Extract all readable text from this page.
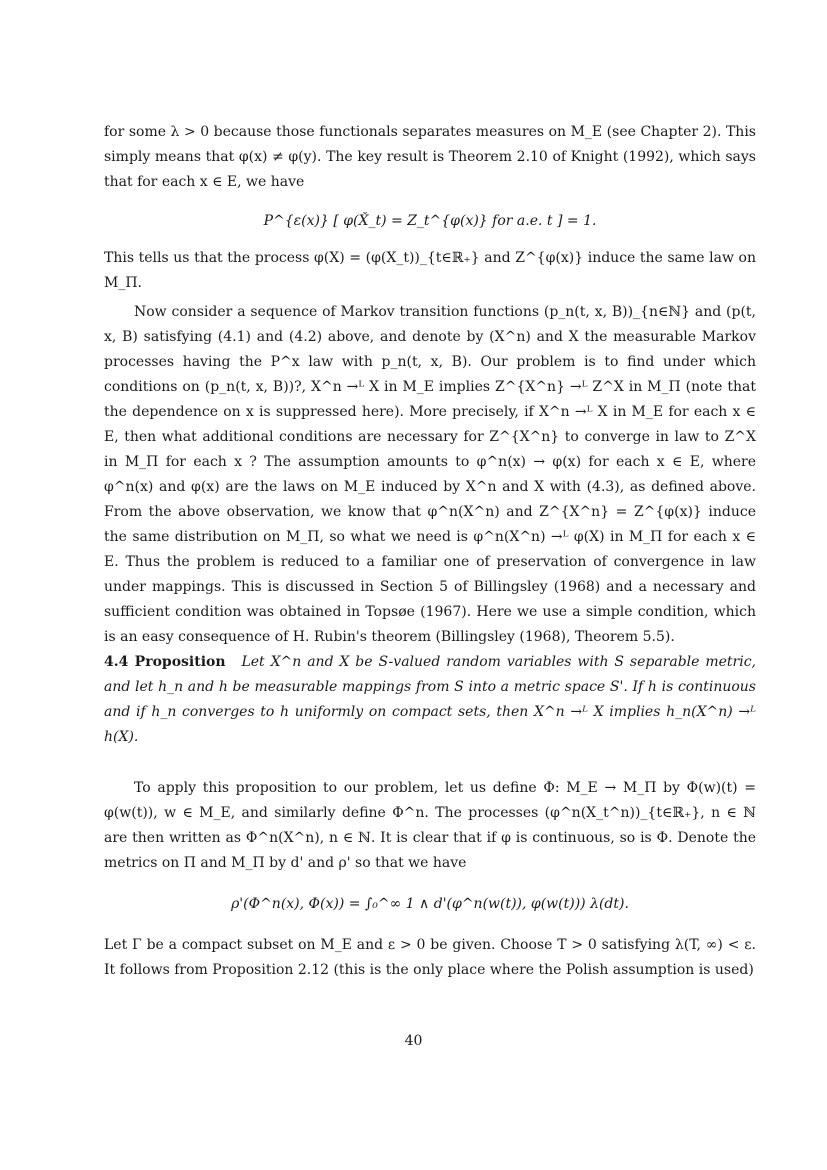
for some λ > 0 because those functionals separates measures on M_E (see Chapter 2). This simply means that φ(x) ≠ φ(y). The key result is Theorem 2.10 of Knight (1992), which says that for each x ∈ E, we have

P^{ε(x)} [ φ(X̌_t) = Z_t^{φ(x)} for a.e. t ] = 1.

This tells us that the process φ(X) = (φ(X_t))_{t∈ℝ₊} and Z^{φ(x)} induce the same law on M_Π.

Now consider a sequence of Markov transition functions (p_n(t, x, B))_{n∈ℕ} and (p(t, x, B) satisfying (4.1) and (4.2) above, and denote by (X^n) and X the measurable Markov processes having the P^x law with p_n(t, x, B). Our problem is to find under which conditions on (p_n(t, x, B))?, X^n →ᴸ X in M_E implies Z^{X^n} →ᴸ Z^X in M_Π (note that the dependence on x is suppressed here). More precisely, if X^n →ᴸ X in M_E for each x ∈ E, then what additional conditions are necessary for Z^{X^n} to converge in law to Z^X in M_Π for each x ? The assumption amounts to φ^n(x) → φ(x) for each x ∈ E, where φ^n(x) and φ(x) are the laws on M_E induced by X^n and X with (4.3), as defined above. From the above observation, we know that φ^n(X^n) and Z^{X^n} = Z^{φ(x)} induce the same distribution on M_Π, so what we need is φ^n(X^n) →ᴸ φ(X) in M_Π for each x ∈ E. Thus the problem is reduced to a familiar one of preservation of convergence in law under mappings. This is discussed in Section 5 of Billingsley (1968) and a necessary and sufficient condition was obtained in Topsøe (1967). Here we use a simple condition, which is an easy consequence of H. Rubin's theorem (Billingsley (1968), Theorem 5.5).

4.4 Proposition Let X^n and X be S-valued random variables with S separable metric, and let h_n and h be measurable mappings from S into a metric space S'. If h is continuous and if h_n converges to h uniformly on compact sets, then X^n →ᴸ X implies h_n(X^n) →ᴸ h(X).

To apply this proposition to our problem, let us define Φ: M_E → M_Π by Φ(w)(t) = φ(w(t)), w ∈ M_E, and similarly define Φ^n. The processes (φ^n(X_t^n))_{t∈ℝ₊}, n ∈ ℕ are then written as Φ^n(X^n), n ∈ ℕ. It is clear that if φ is continuous, so is Φ. Denote the metrics on Π and M_Π by d' and ρ' so that we have

ρ'(Φ^n(x), Φ(x)) = ∫₀^∞ 1 ∧ d'(φ^n(w(t)), φ(w(t))) λ(dt).

Let Γ be a compact subset on M_E and ε > 0 be given. Choose T > 0 satisfying λ(T, ∞) < ε. It follows from Proposition 2.12 (this is the only place where the Polish assumption is used)

40
